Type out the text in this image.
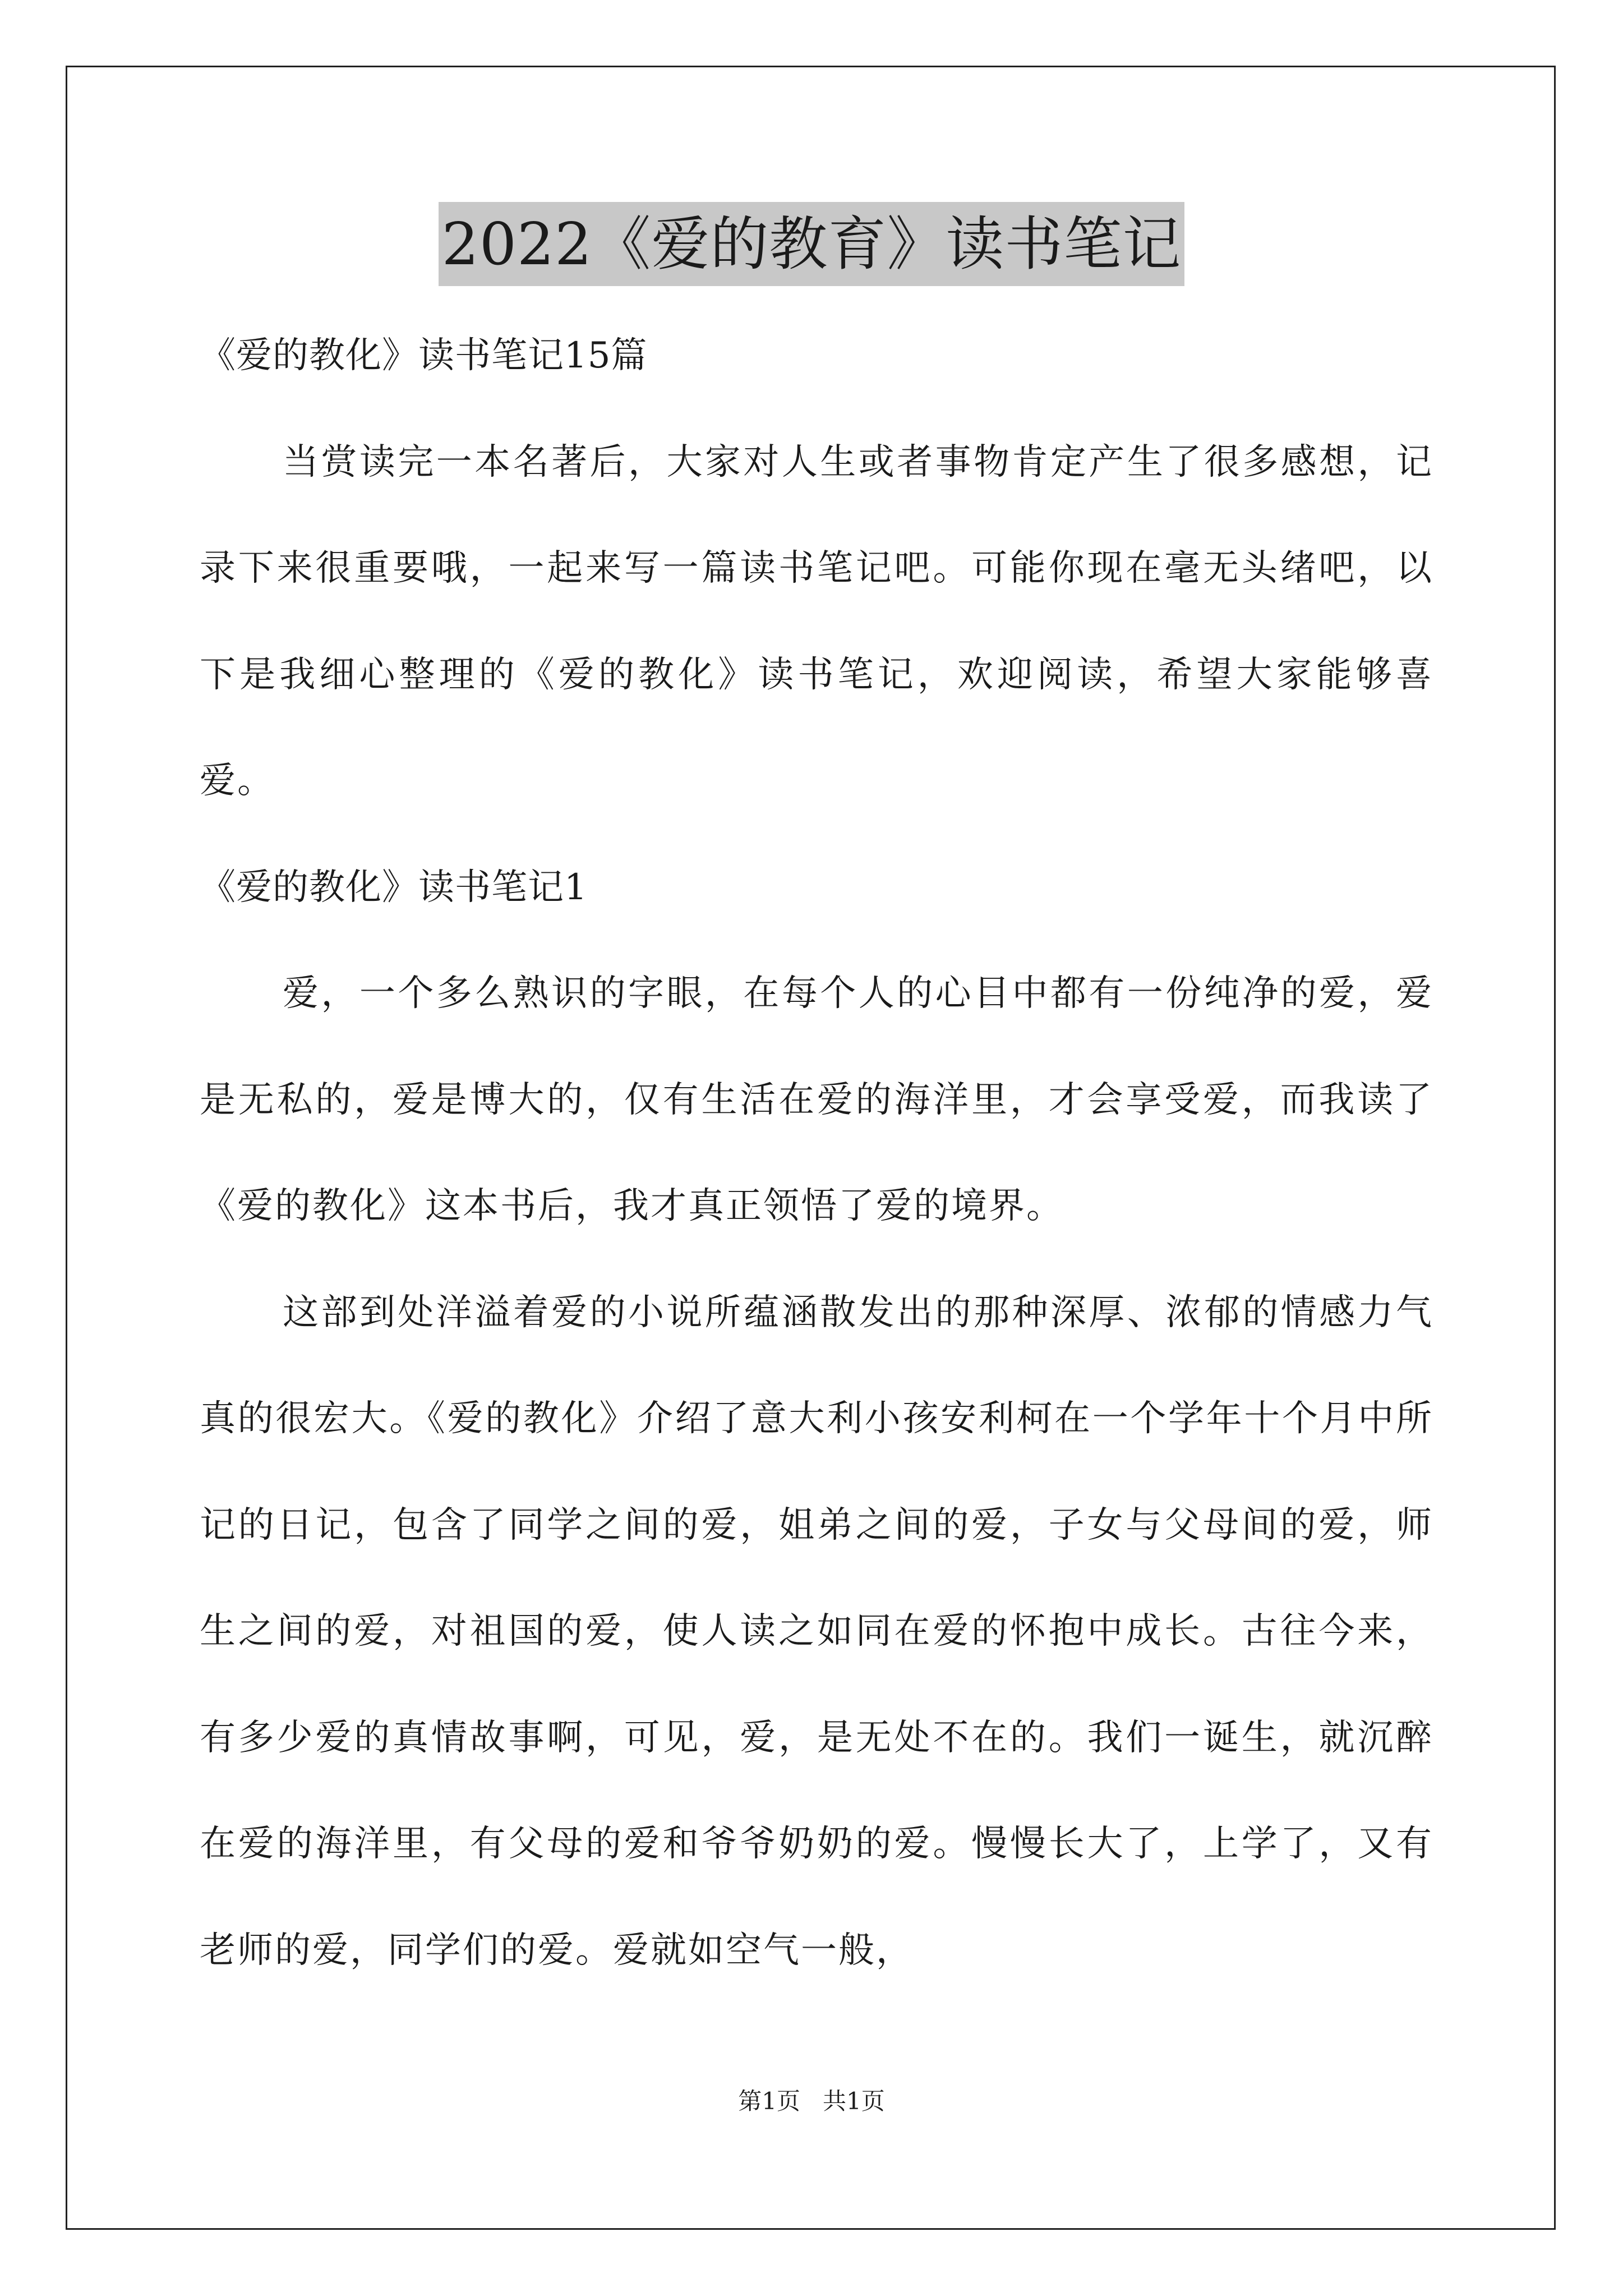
2022《爱的教育》读书笔记

《爱的教化》读书笔记15篇

当赏读完一本名著后，大家对人生或者事物肯定产生了很多感想，记录下来很重要哦，一起来写一篇读书笔记吧。可能你现在毫无头绪吧，以下是我细心整理的《爱的教化》读书笔记，欢迎阅读，希望大家能够喜爱。

《爱的教化》读书笔记1

爱，一个多么熟识的字眼，在每个人的心目中都有一份纯净的爱，爱是无私的，爱是博大的，仅有生活在爱的海洋里，才会享受爱，而我读了《爱的教化》这本书后，我才真正领悟了爱的境界。

这部到处洋溢着爱的小说所蕴涵散发出的那种深厚、浓郁的情感力气真的很宏大。《爱的教化》介绍了意大利小孩安利柯在一个学年十个月中所记的日记，包含了同学之间的爱，姐弟之间的爱，子女与父母间的爱，师生之间的爱，对祖国的爱，使人读之如同在爱的怀抱中成长。古往今来，有多少爱的真情故事啊，可见，爱，是无处不在的。我们一诞生，就沉醉在爱的海洋里，有父母的爱和爷爷奶奶的爱。慢慢长大了，上学了，又有老师的爱，同学们的爱。爱就如空气一般，

第1页   共1页
